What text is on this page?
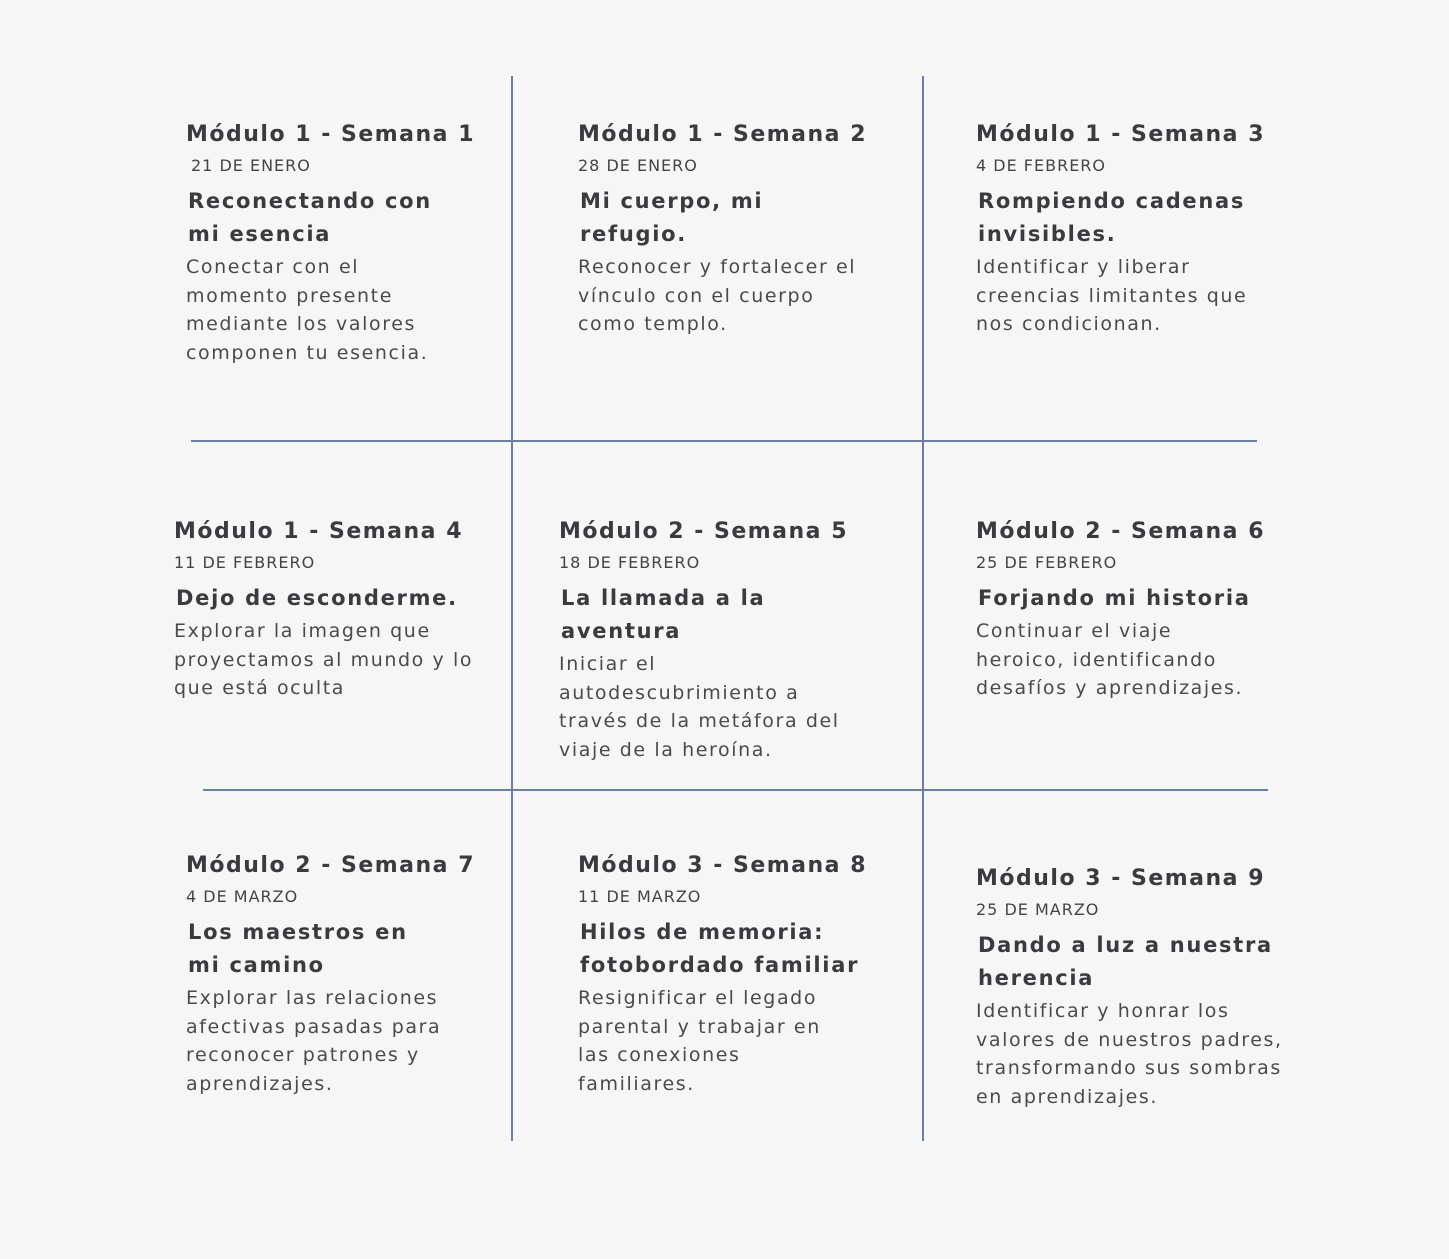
Módulo 1 - Semana 1
21 DE ENERO
Reconectando con mi esencia
Conectar con el momento presente mediante los valores componen tu esencia.
Módulo 1 - Semana 2
28 DE ENERO
Mi cuerpo, mi refugio.
Reconocer y fortalecer el vínculo con el cuerpo como templo.
Módulo 1 - Semana 3
4 DE FEBRERO
Rompiendo cadenas invisibles.
Identificar y liberar creencias limitantes que nos condicionan.
Módulo 1 - Semana 4
11 DE FEBRERO
Dejo de esconderme.
Explorar la imagen que proyectamos al mundo y lo que está oculta
Módulo 2 - Semana 5
18 DE FEBRERO
La llamada a la aventura
Iniciar el autodescubrimiento a través de la metáfora del viaje de la heroína.
Módulo 2 - Semana 6
25 DE FEBRERO
Forjando mi historia
Continuar el viaje heroico, identificando desafíos y aprendizajes.
Módulo 2 - Semana 7
4 DE MARZO
Los maestros en mi camino
Explorar las relaciones afectivas pasadas para reconocer patrones y aprendizajes.
Módulo 3 - Semana 8
11 DE MARZO
Hilos de memoria: fotobordado familiar
Resignificar el legado parental y trabajar en las conexiones familiares.
Módulo 3 - Semana 9
25 DE MARZO
Dando a luz a nuestra herencia
Identificar y honrar los valores de nuestros padres, transformando sus sombras en aprendizajes.
